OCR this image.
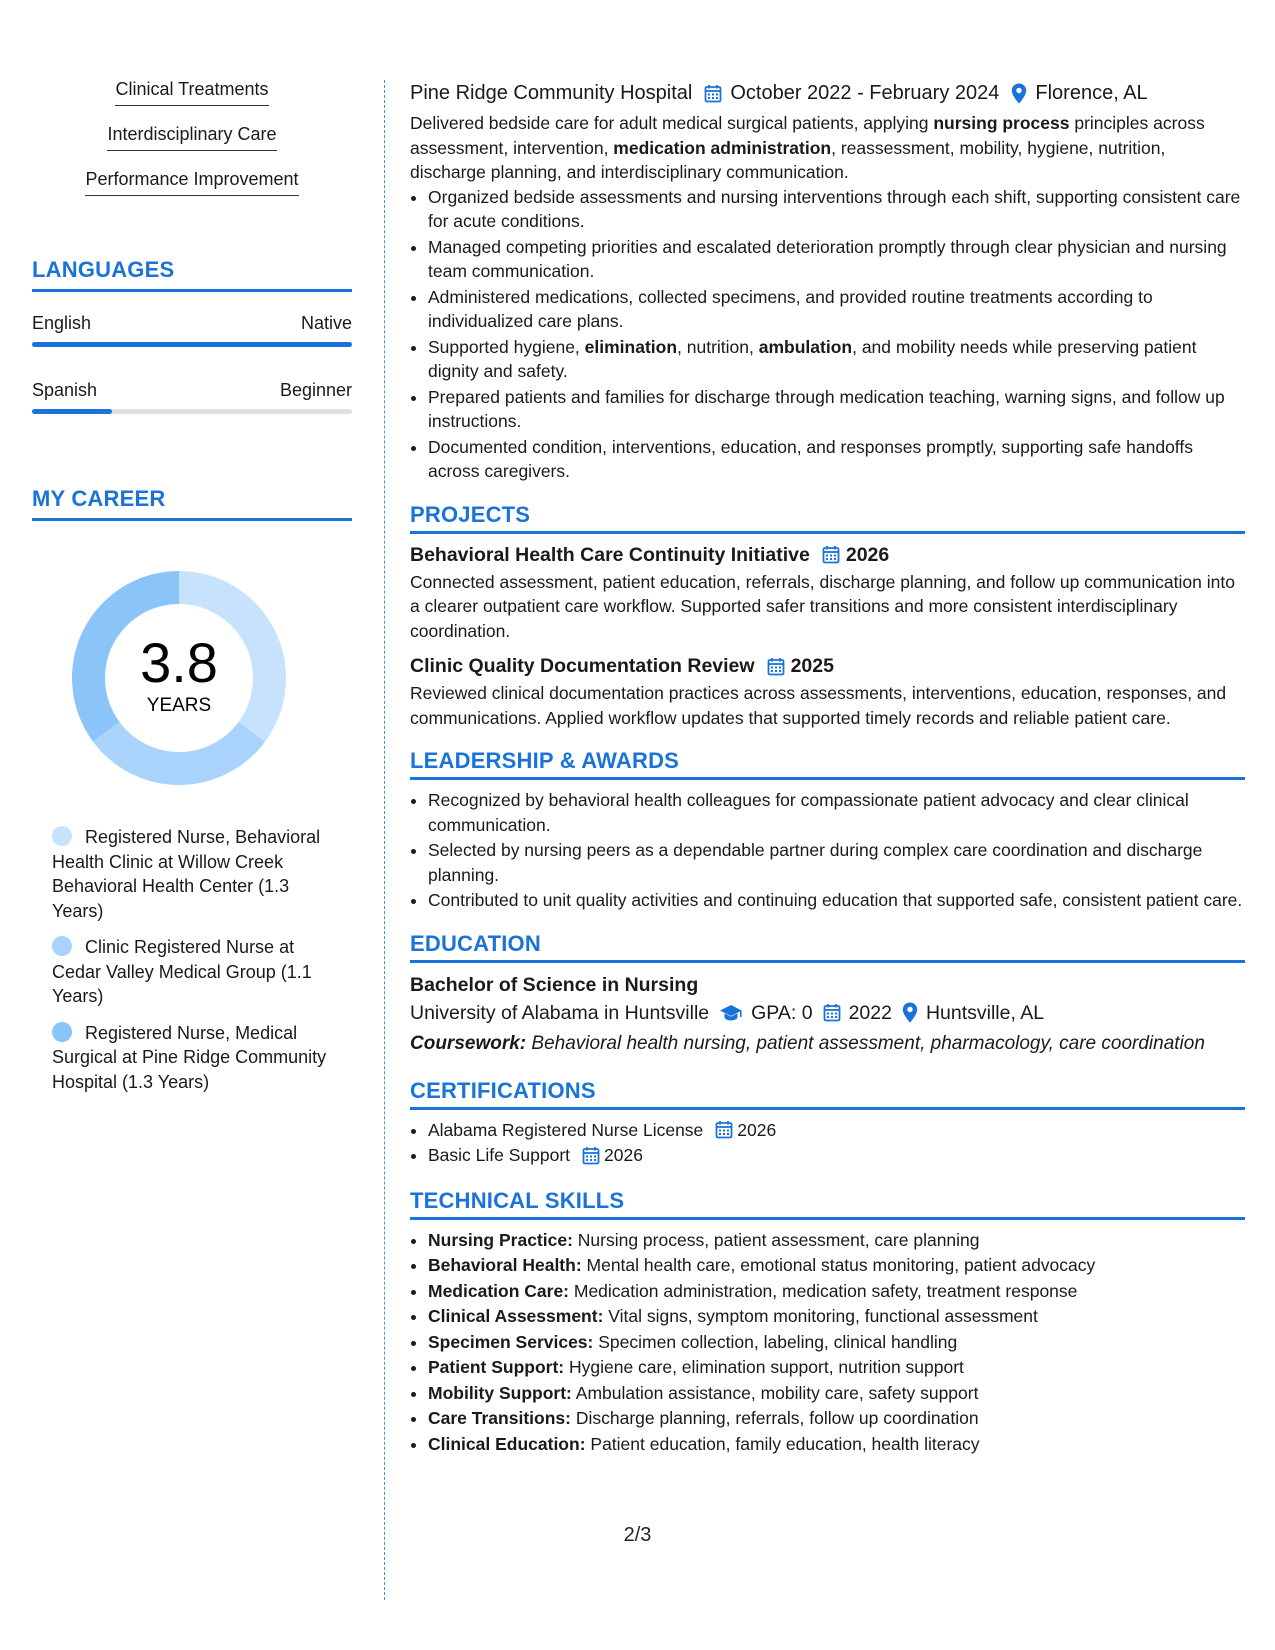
Clinical Treatments
Interdisciplinary Care
Performance Improvement
LANGUAGES
English	Native
Spanish	Beginner
MY CAREER
3.8
YEARS
Registered Nurse, Behavioral Health Clinic at Willow Creek Behavioral Health Center (1.3 Years)
Clinic Registered Nurse at Cedar Valley Medical Group (1.1 Years)
Registered Nurse, Medical Surgical at Pine Ridge Community Hospital (1.3 Years)
Pine Ridge Community Hospital October 2022 - February 2024 Florence, AL

Delivered bedside care for adult medical surgical patients, applying nursing process principles across assessment, intervention, medication administration, reassessment, mobility, hygiene, nutrition, discharge planning, and interdisciplinary communication.

• Organized bedside assessments and nursing interventions through each shift, supporting consistent care for acute conditions.
• Managed competing priorities and escalated deterioration promptly through clear physician and nursing team communication.
• Administered medications, collected specimens, and provided routine treatments according to individualized care plans.
• Supported hygiene, elimination, nutrition, ambulation, and mobility needs while preserving patient dignity and safety.
• Prepared patients and families for discharge through medication teaching, warning signs, and follow up instructions.
• Documented condition, interventions, education, and responses promptly, supporting safe handoffs across caregivers.
PROJECTS
Behavioral Health Care Continuity Initiative 2026

Connected assessment, patient education, referrals, discharge planning, and follow up communication into a clearer outpatient care workflow. Supported safer transitions and more consistent interdisciplinary coordination.

Clinic Quality Documentation Review 2025

Reviewed clinical documentation practices across assessments, interventions, education, responses, and communications. Applied workflow updates that supported timely records and reliable patient care.

LEADERSHIP & AWARDS
• Recognized by behavioral health colleagues for compassionate patient advocacy and clear clinical communication.
• Selected by nursing peers as a dependable partner during complex care coordination and discharge planning.
• Contributed to unit quality activities and continuing education that supported safe, consistent patient care.
EDUCATION
Bachelor of Science in Nursing
University of Alabama in Huntsville GPA: 0 2022 Huntsville, AL
Coursework: Behavioral health nursing, patient assessment, pharmacology, care coordination
CERTIFICATIONS
• Alabama Registered Nurse License 2026
• Basic Life Support 2026
TECHNICAL SKILLS
• Nursing Practice: Nursing process, patient assessment, care planning
• Behavioral Health: Mental health care, emotional status monitoring, patient advocacy
• Medication Care: Medication administration, medication safety, treatment response
• Clinical Assessment: Vital signs, symptom monitoring, functional assessment
• Specimen Services: Specimen collection, labeling, clinical handling
• Patient Support: Hygiene care, elimination support, nutrition support
• Mobility Support: Ambulation assistance, mobility care, safety support
• Care Transitions: Discharge planning, referrals, follow up coordination
• Clinical Education: Patient education, family education, health literacy
2/3
